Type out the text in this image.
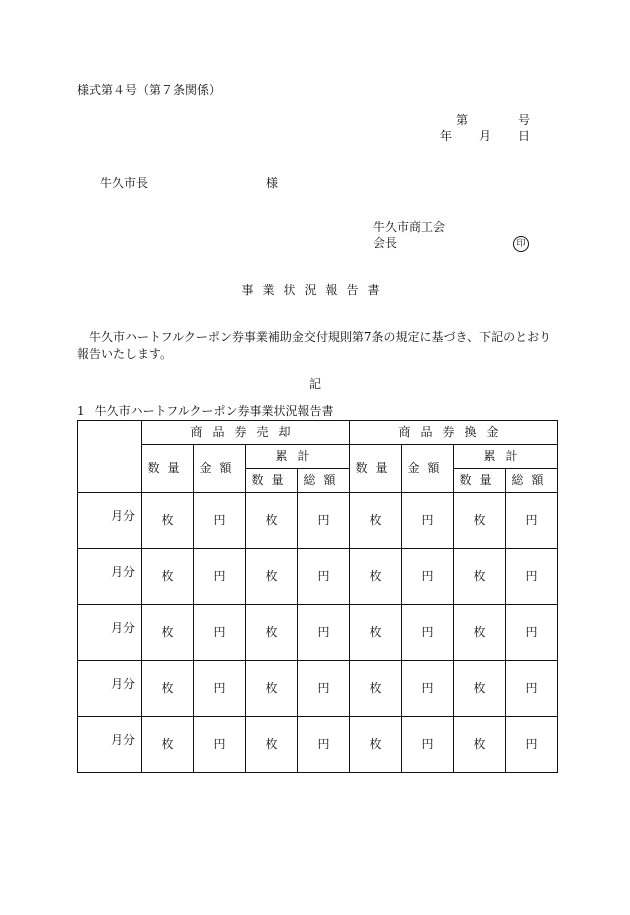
様式第４号（第７条関係）
第	号
年 月 日
牛久市長	様
牛久市商工会
会長	印
事業状況報告書
牛久市ハートフルクーポン券事業補助金交付規則第7条の規定に基づき、下記のとおり報告いたします。
記
1 牛久市ハートフルクーポン券事業状況報告書
	商品券売却				商品券換金			
	数量	金額	累計		数量	金額	累計	
			数量	総額			数量	総額
月分	枚	円	枚	円	枚	円	枚	円
月分	枚	円	枚	円	枚	円	枚	円
月分	枚	円	枚	円	枚	円	枚	円
月分	枚	円	枚	円	枚	円	枚	円
月分	枚	円	枚	円	枚	円	枚	円
